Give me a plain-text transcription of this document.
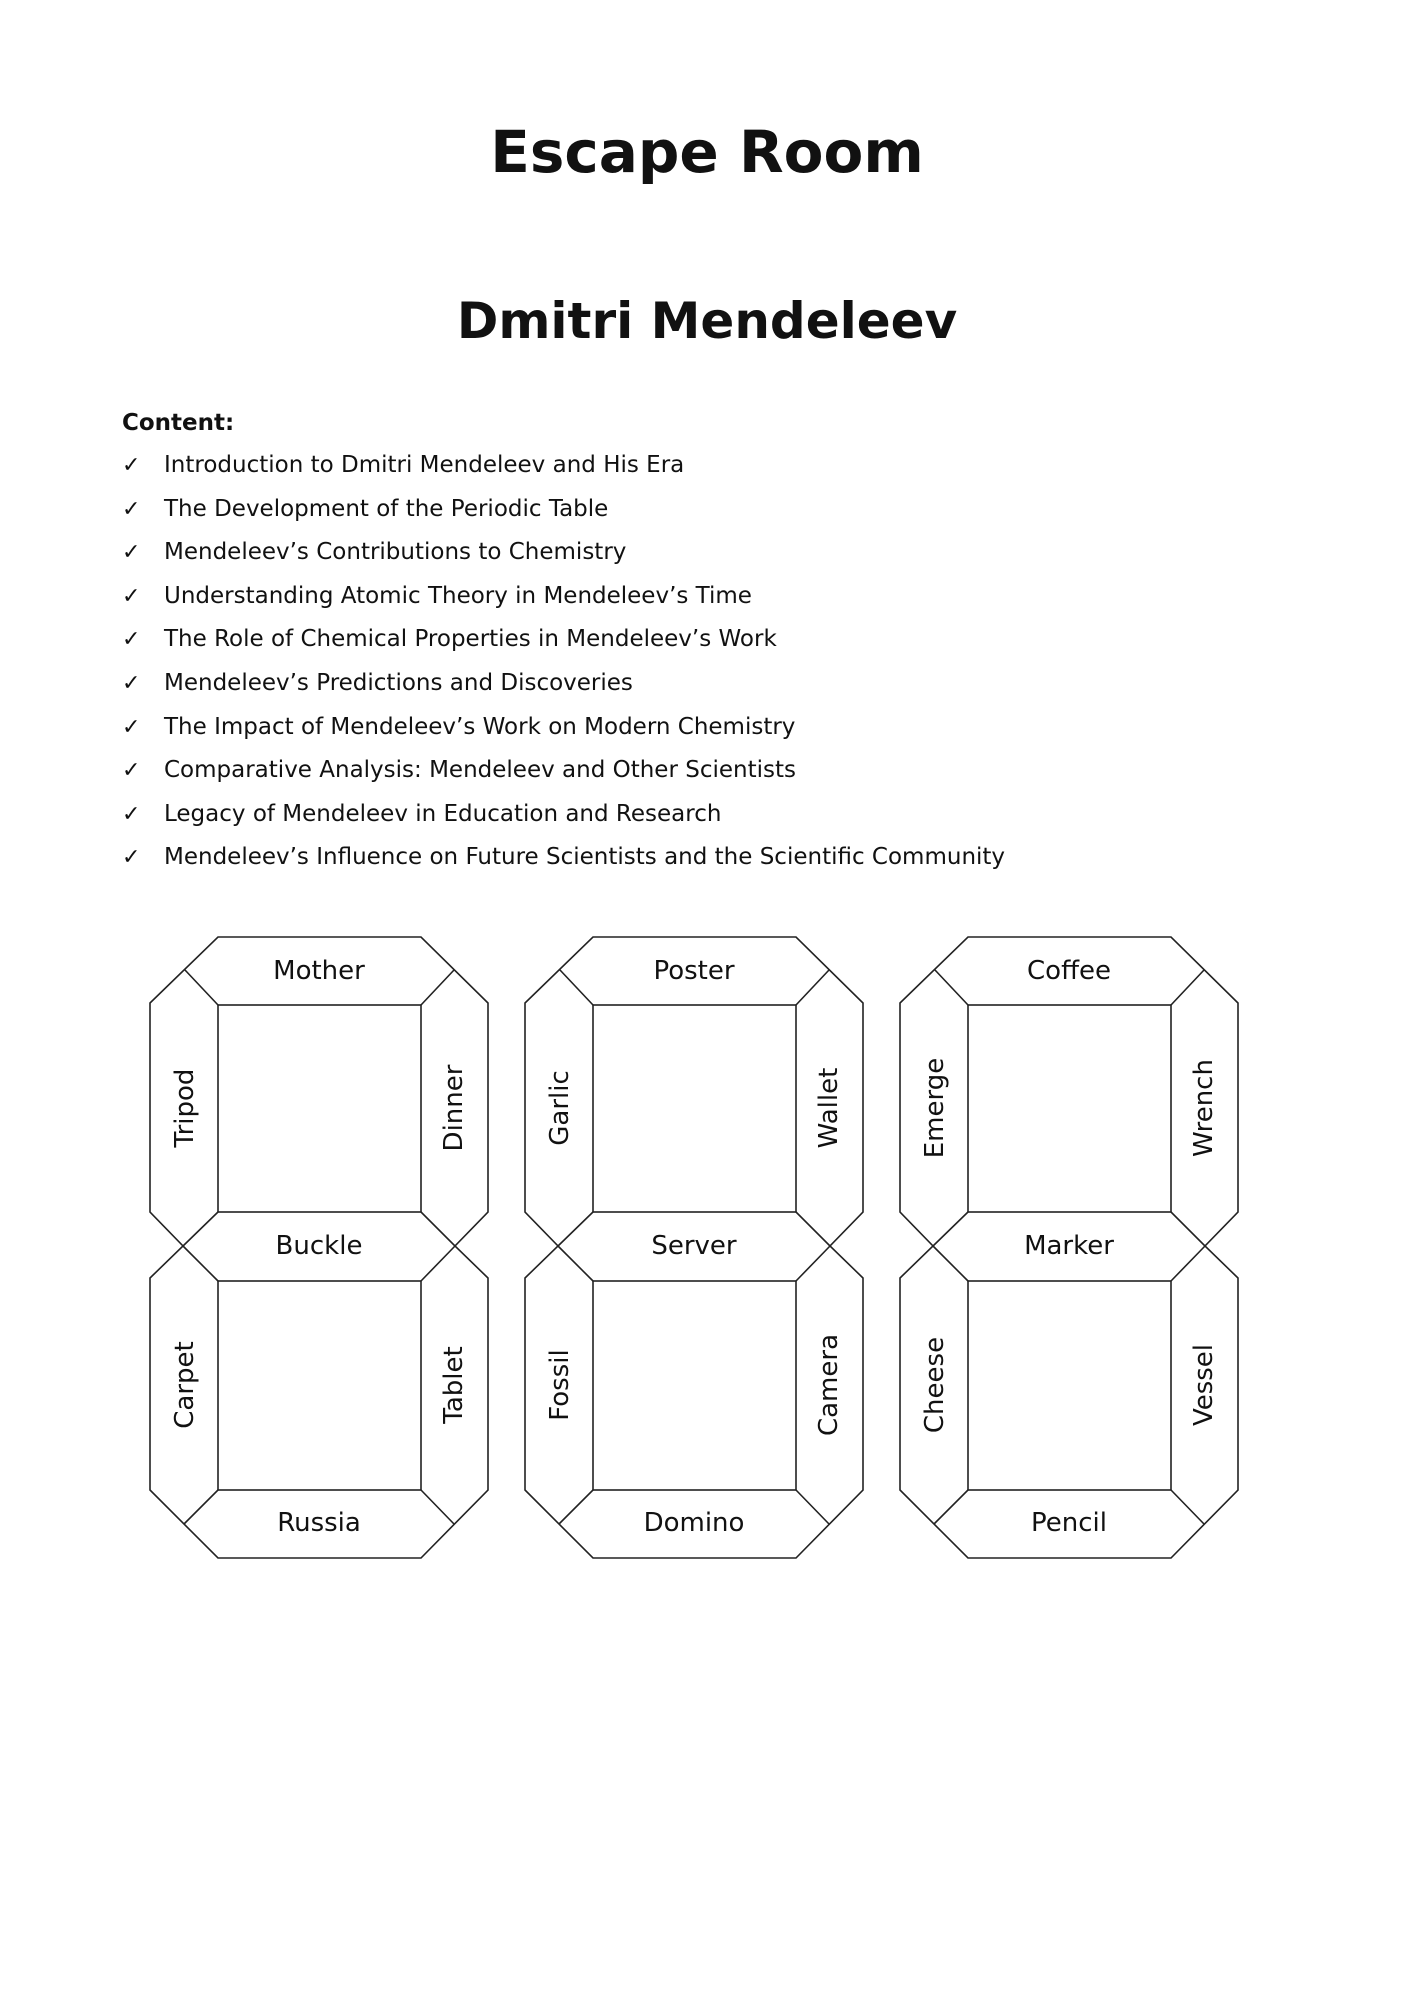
Escape Room
Dmitri Mendeleev
Content:
✓ Introduction to Dmitri Mendeleev and His Era
✓ The Development of the Periodic Table
✓ Mendeleev’s Contributions to Chemistry
✓ Understanding Atomic Theory in Mendeleev’s Time
✓ The Role of Chemical Properties in Mendeleev’s Work
✓ Mendeleev’s Predictions and Discoveries
✓ The Impact of Mendeleev’s Work on Modern Chemistry
✓ Comparative Analysis: Mendeleev and Other Scientists
✓ Legacy of Mendeleev in Education and Research
✓ Mendeleev’s Influence on Future Scientists and the Scientific Community
Mother
Buckle
Russia
Tripod	Dinner
Carpet	Tablet
Poster
Server
Domino
Garlic	Wallet
Fossil	Camera
Coffee
Marker
Pencil
Emerge	Wrench
Cheese	Vessel
